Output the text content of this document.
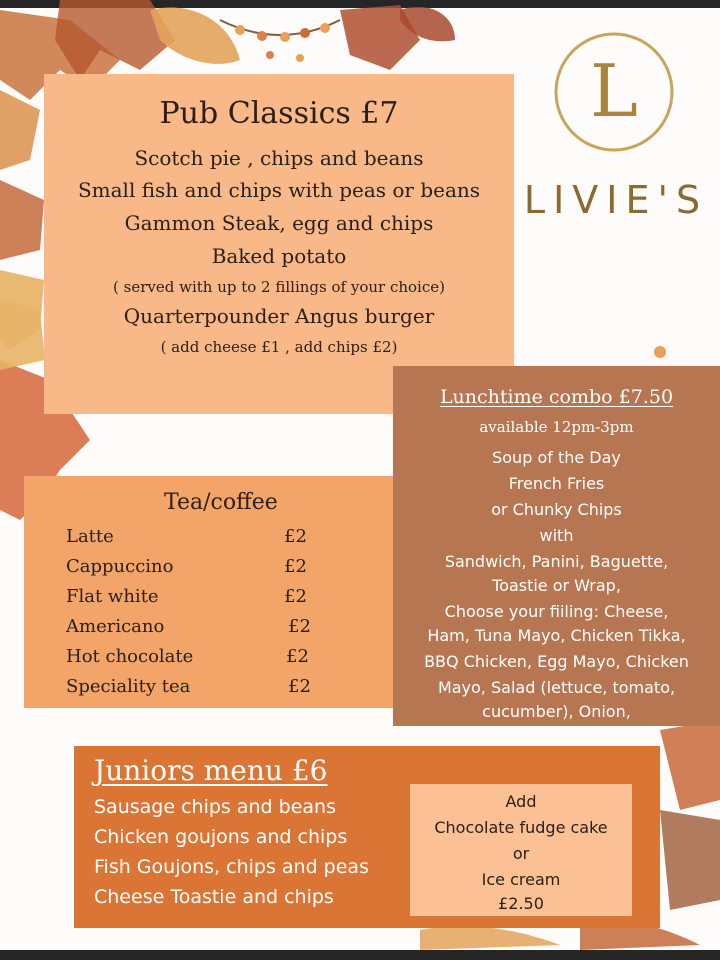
L
LIVIE'S
Pub Classics £7
Scotch pie , chips and beans
Small fish and chips with peas or beans
Gammon Steak, egg and chips
Baked potato
( served with up to 2 fillings of your choice)
Quarterpounder Angus burger
( add cheese £1 , add chips £2)
Tea/coffee
Latte	£2
Cappuccino	£2
Flat white	£2
Americano	£2
Hot chocolate	£2
Speciality tea	£2
Lunchtime combo £7.50
available 12pm-3pm
Soup of the Day
French Fries
or Chunky Chips
with
Sandwich, Panini, Baguette,
Toastie or Wrap,
Choose your fiiling: Cheese,
Ham, Tuna Mayo, Chicken Tikka,
BBQ Chicken, Egg Mayo, Chicken
Mayo, Salad (lettuce, tomato,
cucumber), Onion,
Juniors menu £6
Sausage chips and beans
Chicken goujons and chips
Fish Goujons, chips and peas
Cheese Toastie and chips
Add
Chocolate fudge cake
or
Ice cream
£2.50
